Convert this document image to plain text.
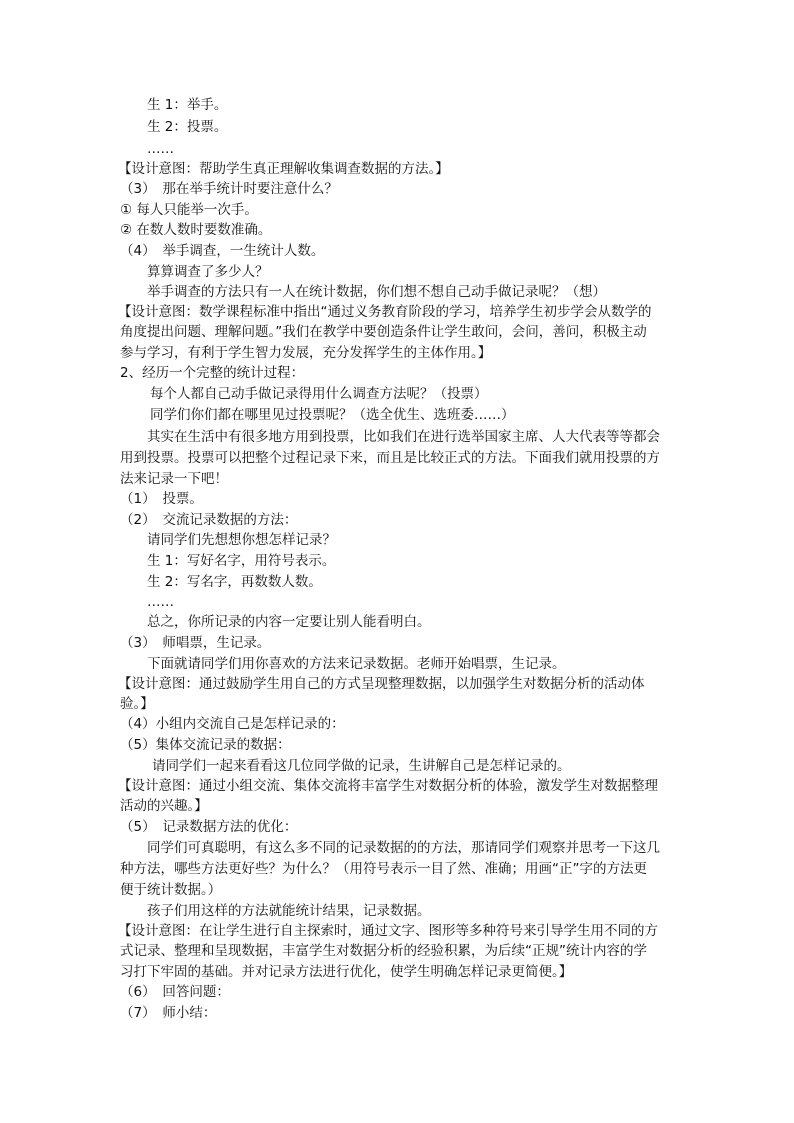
生 1：举手。
生 2：投票。
……
【设计意图：帮助学生真正理解收集调查数据的方法。】
（3）　那在举手统计时要注意什么？
① 每人只能举一次手。
② 在数人数时要数准确。
（4）　举手调查，一生统计人数。
算算调查了多少人？
举手调查的方法只有一人在统计数据，你们想不想自己动手做记录呢？（想）
【设计意图：数学课程标准中指出“通过义务教育阶段的学习，培养学生初步学会从数学的
角度提出问题、理解问题。”我们在教学中要创造条件让学生敢问，会问，善问，积极主动
参与学习，有利于学生智力发展，充分发挥学生的主体作用。】
2、经历一个完整的统计过程：
每个人都自己动手做记录得用什么调查方法呢？（投票）
同学们你们都在哪里见过投票呢？（选全优生、选班委……）
其实在生活中有很多地方用到投票，比如我们在进行选举国家主席、人大代表等等都会
用到投票。投票可以把整个过程记录下来，而且是比较正式的方法。下面我们就用投票的方
法来记录一下吧！
（1）　投票。
（2）　交流记录数据的方法：
请同学们先想想你想怎样记录？
生 1：写好名字，用符号表示。
生 2：写名字，再数数人数。
……
总之，你所记录的内容一定要让别人能看明白。
（3）　师唱票，生记录。
下面就请同学们用你喜欢的方法来记录数据。老师开始唱票，生记录。
【设计意图：通过鼓励学生用自己的方式呈现整理数据，以加强学生对数据分析的活动体
验。】
（4）小组内交流自己是怎样记录的：
（5）集体交流记录的数据：
请同学们一起来看看这几位同学做的记录，生讲解自己是怎样记录的。
【设计意图：通过小组交流、集体交流将丰富学生对数据分析的体验，激发学生对数据整理
活动的兴趣。】
（5）　记录数据方法的优化：
同学们可真聪明，有这么多不同的记录数据的的方法，那请同学们观察并思考一下这几
种方法，哪些方法更好些？为什么？（用符号表示一目了然、准确；用画“正”字的方法更
便于统计数据。）
孩子们用这样的方法就能统计结果，记录数据。
【设计意图：在让学生进行自主探索时，通过文字、图形等多种符号来引导学生用不同的方
式记录、整理和呈现数据，丰富学生对数据分析的经验积累，为后续“正规”统计内容的学
习打下牢固的基础。并对记录方法进行优化，使学生明确怎样记录更简便。】
（6）　回答问题：
（7）　师小结：
